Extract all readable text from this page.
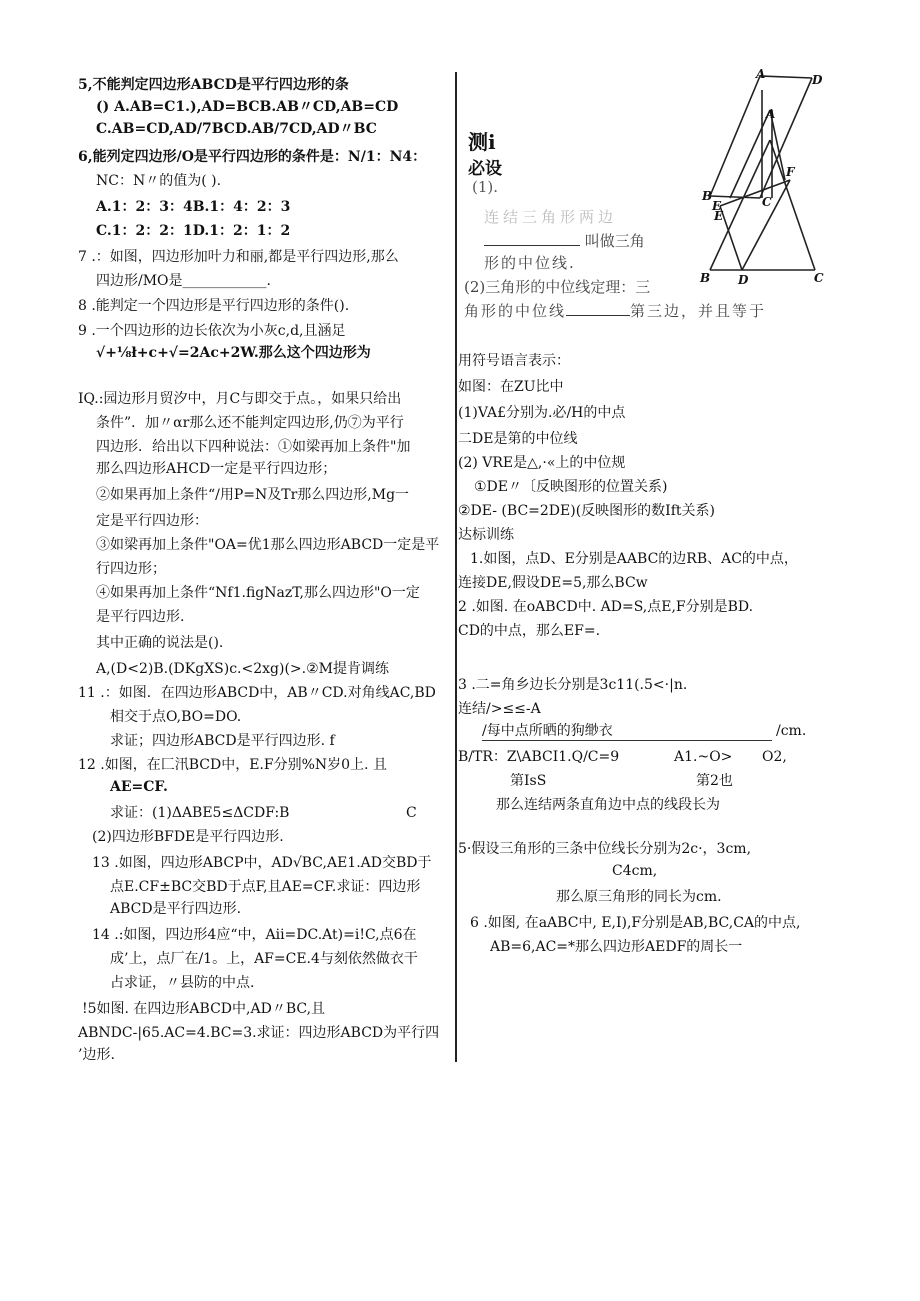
5,不能判定四边形ABCD是平行四边形的条
() A.AB=C1.),AD=BCB.AB〃CD,AB=CD
C.AB=CD,AD/7BCD.AB/7CD,AD〃BC
6,能列定四边形/O是平行四边形的条件是：N/1：N4：
NC：N〃的值为( ).
A.1：2：3：4B.1：4：2：3
C.1：2：2：1D.1：2：1：2
7 .：如图，四边形加叶力和丽,都是平行四边形,那么
四边形/MO是____________.
8 .能判定一个四边形是平行四边形的条件().
9 .一个四边形的边长依次为小灰c,d,且涵足
√+⅛ł+c+√=2Ac+2W.那么这个四边形为
IQ.:园边形月贸汐中，月C与即交于点。，如果只给出
条件”．加〃αr那么还不能判定四边形,仍⑦为平行
四边形．给出以下四种说法：①如梁再加上条件"加
那么四边形AHCD一定是平行四边形；
②如果再加上条件“/用P=N及Tr那么四边形,Mg一
定是平行四边形：
③如梁再加上条件"OA=优1那么四边形ABCD一定是平
行四边形；
④如果再加上条件“Nf1.figNazT,那么四边形"O一定
是平行四边形.
其中正确的说法是().
A,(D<2)B.(DKgXS)c.<2xg)(>.②M提肯调练
11 .：如图．在四边形ABCD中，AB〃CD.对角线AC,BD
相交于点O,BO=DO.
求证；四边形ABCD是平行四边形. f
12 .如图，在匚汛BCD中，E.F分别%N岁0上. 且
AE=CF.
求证：(1)ΔABE5≤ΔCDF:B	C
(2)四边形BFDE是平行四边形.
13 .如图，四边形ABCP中，AD√BC,AE1.AD交BD于
点E.CF±BC交BD于点F,且AE=CF.求证：四边形
ABCD是平行四边形.
14 .:如图，四边形4应“中，Aii=DC.At)=i!C,点6在
成’上，点厂在/1。上，AF=CE.4与刻依然做衣干
占求证，〃县防的中点.
!5如图. 在四边形ABCD中,AD〃BC,且
ABNDC-|65.AC=4.BC=3.求证：四边形ABCD为平行四
’边形.
测i
必设
(1).
连结三角形两边
叫做三角
形的中位线.
(2)三角形的中位线定理：三
角形的中位线	第三边，并且等于
A	D
A
F
B
E	C
E
B D	C
用符号语言表示：
如图：在ZU比中
(1)VA£分别为.必/H的中点
二DE是第的中位线
(2) VRE是△,·«上的中位规
①DE〃〔反映图形的位置关系)
②DE- (BC=2DE)(反映图形的数Ift关系)
达标训练
1.如图，点D、E分别是AABC的边RB、AC的中点，
连接DE,假设DE=5,那么BCw
2 .如图. 在oABCD中. AD=S,点E,F分别是BD.
CD的中点，那么EF=.
3 .二=角乡边长分别是3c11(.5<·|n.
连结/>≤≤-A
/每中点所晒的狗缈衣	/cm.
B/TR：Z\ABCI1.Q/C=9	A1.~O> O2,
第IsS	第2也
那么连结两条直角边中点的线段长为
5·假设三角形的三条中位线长分别为2c·，3cm,
C4cm,
那么原三角形的同长为cm.
6 .如图, 在aABC中, E,I),F分别是AB,BC,CA的中点,
AB=6,AC=*那么四边形AEDF的周长一
